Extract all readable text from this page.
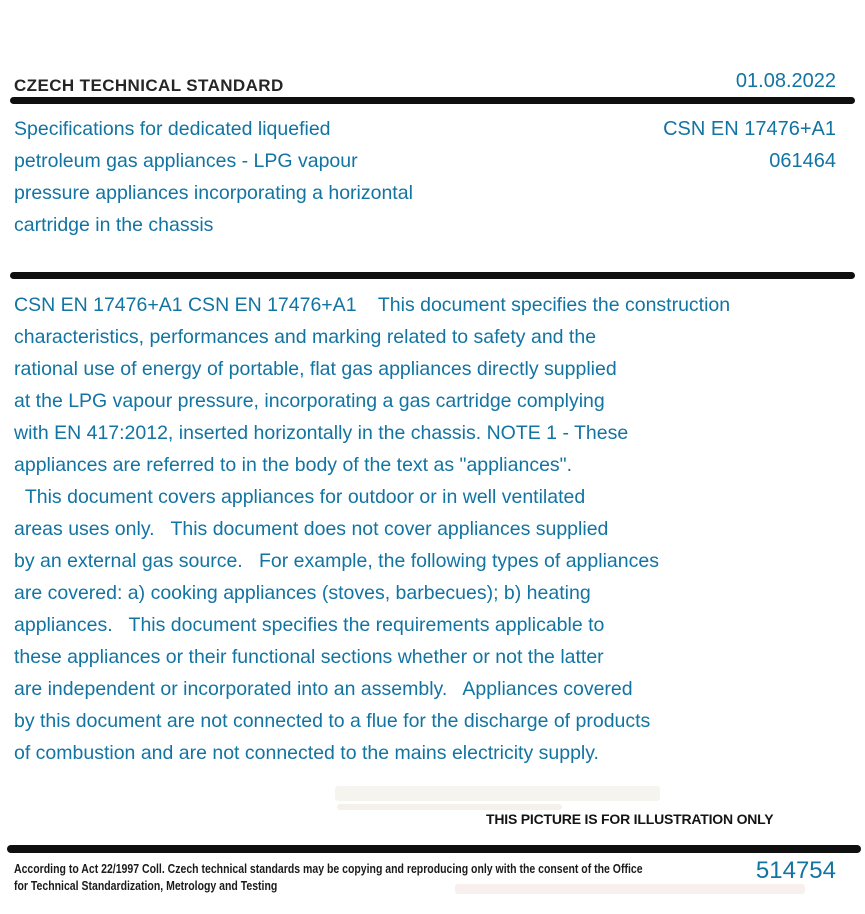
CZECH TECHNICAL STANDARD	01.08.2022
Specifications for dedicated liquefied
petroleum gas appliances - LPG vapour
pressure appliances incorporating a horizontal
cartridge in the chassis
CSN EN 17476+A1
061464
CSN EN 17476+A1 CSN EN 17476+A1    This document specifies the construction
characteristics, performances and marking related to safety and the
rational use of energy of portable, flat gas appliances directly supplied
at the LPG vapour pressure, incorporating a gas cartridge complying
with EN 417:2012, inserted horizontally in the chassis. NOTE 1 - These
appliances are referred to in the body of the text as "appliances".
This document covers appliances for outdoor or in well ventilated
areas uses only.   This document does not cover appliances supplied
by an external gas source.   For example, the following types of appliances
are covered: a) cooking appliances (stoves, barbecues); b) heating
appliances.   This document specifies the requirements applicable to
these appliances or their functional sections whether or not the latter
are independent or incorporated into an assembly.   Appliances covered
by this document are not connected to a flue for the discharge of products
of combustion and are not connected to the mains electricity supply.
THIS PICTURE IS FOR ILLUSTRATION ONLY
According to Act 22/1997 Coll. Czech technical standards may be copying and reproducing only with the consent of the Office
for Technical Standardization, Metrology and Testing
514754
